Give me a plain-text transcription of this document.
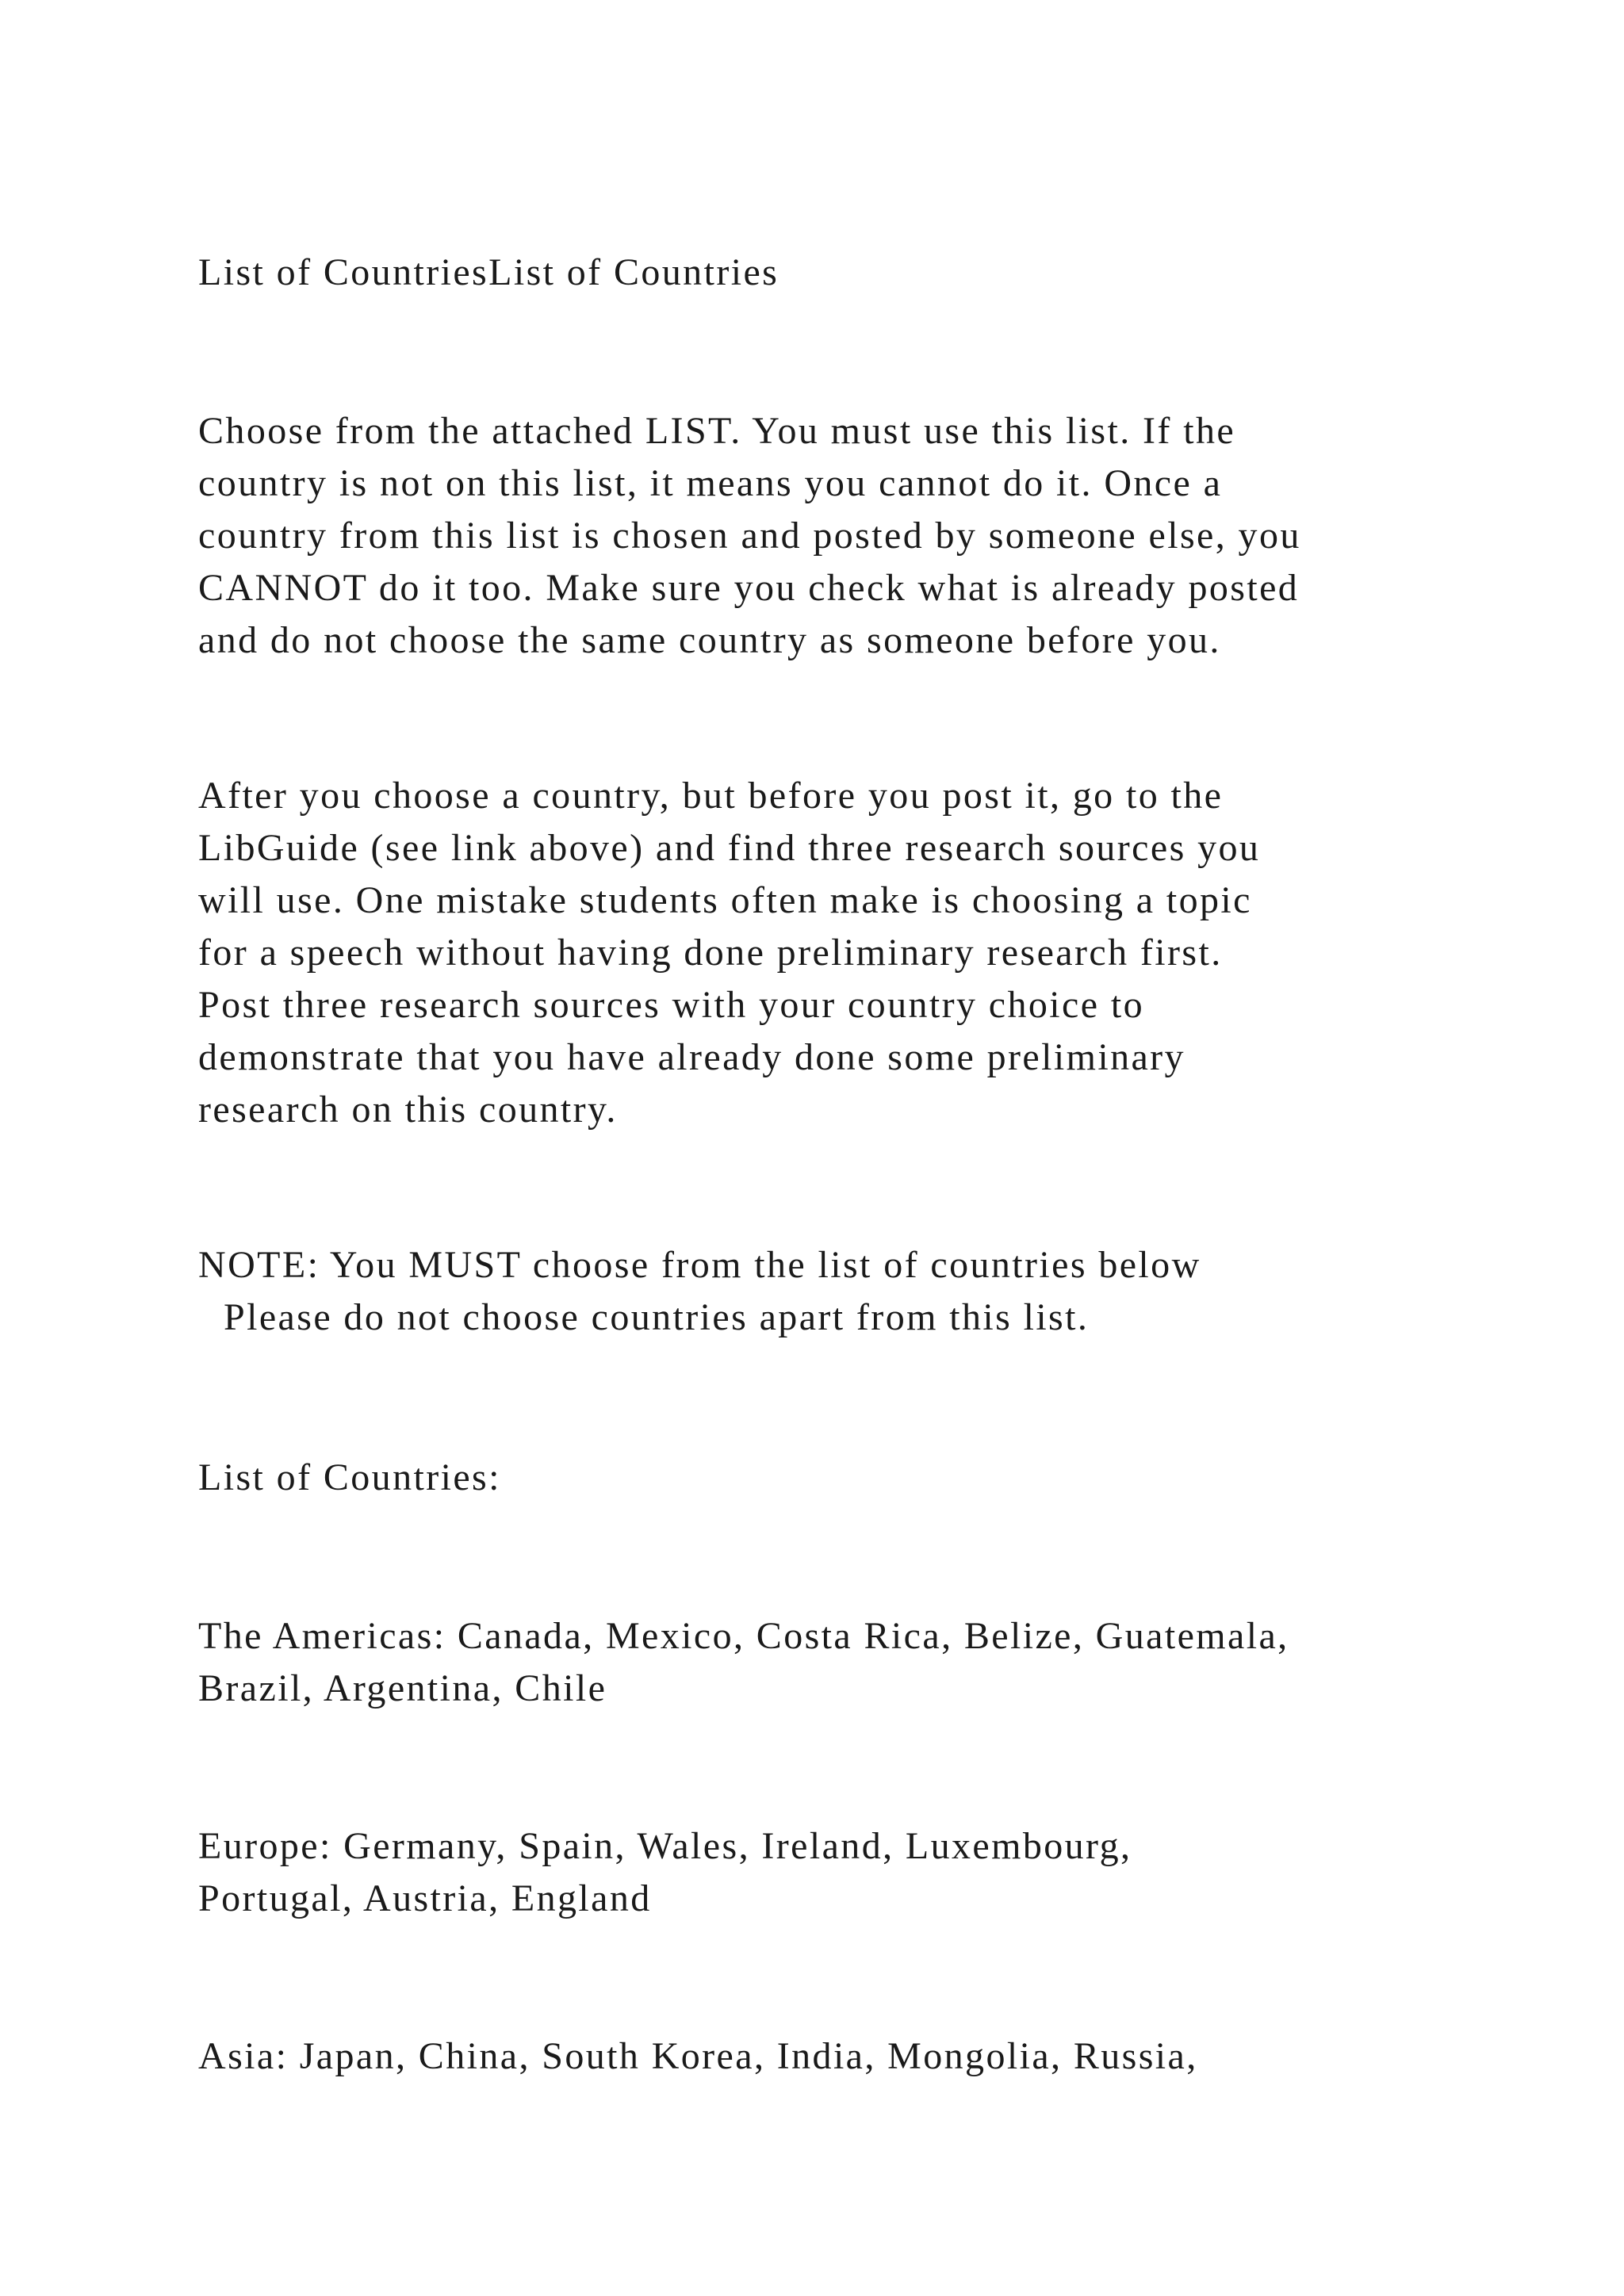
List of CountriesList of Countries
Choose from the attached LIST. You must use this list. If the
country is not on this list, it means you cannot do it. Once a
country from this list is chosen and posted by someone else, you
CANNOT do it too. Make sure you check what is already posted
and do not choose the same country as someone before you.
After you choose a country, but before you post it, go to the
LibGuide (see link above) and find three research sources you
will use. One mistake students often make is choosing a topic
for a speech without having done preliminary research first.
Post three research sources with your country choice to
demonstrate that you have already done some preliminary
research on this country.
NOTE: You MUST choose from the list of countries below
Please do not choose countries apart from this list.
List of Countries:
The Americas: Canada, Mexico, Costa Rica, Belize, Guatemala,
Brazil, Argentina, Chile
Europe: Germany, Spain, Wales, Ireland, Luxembourg,
Portugal, Austria, England
Asia: Japan, China, South Korea, India, Mongolia, Russia,
